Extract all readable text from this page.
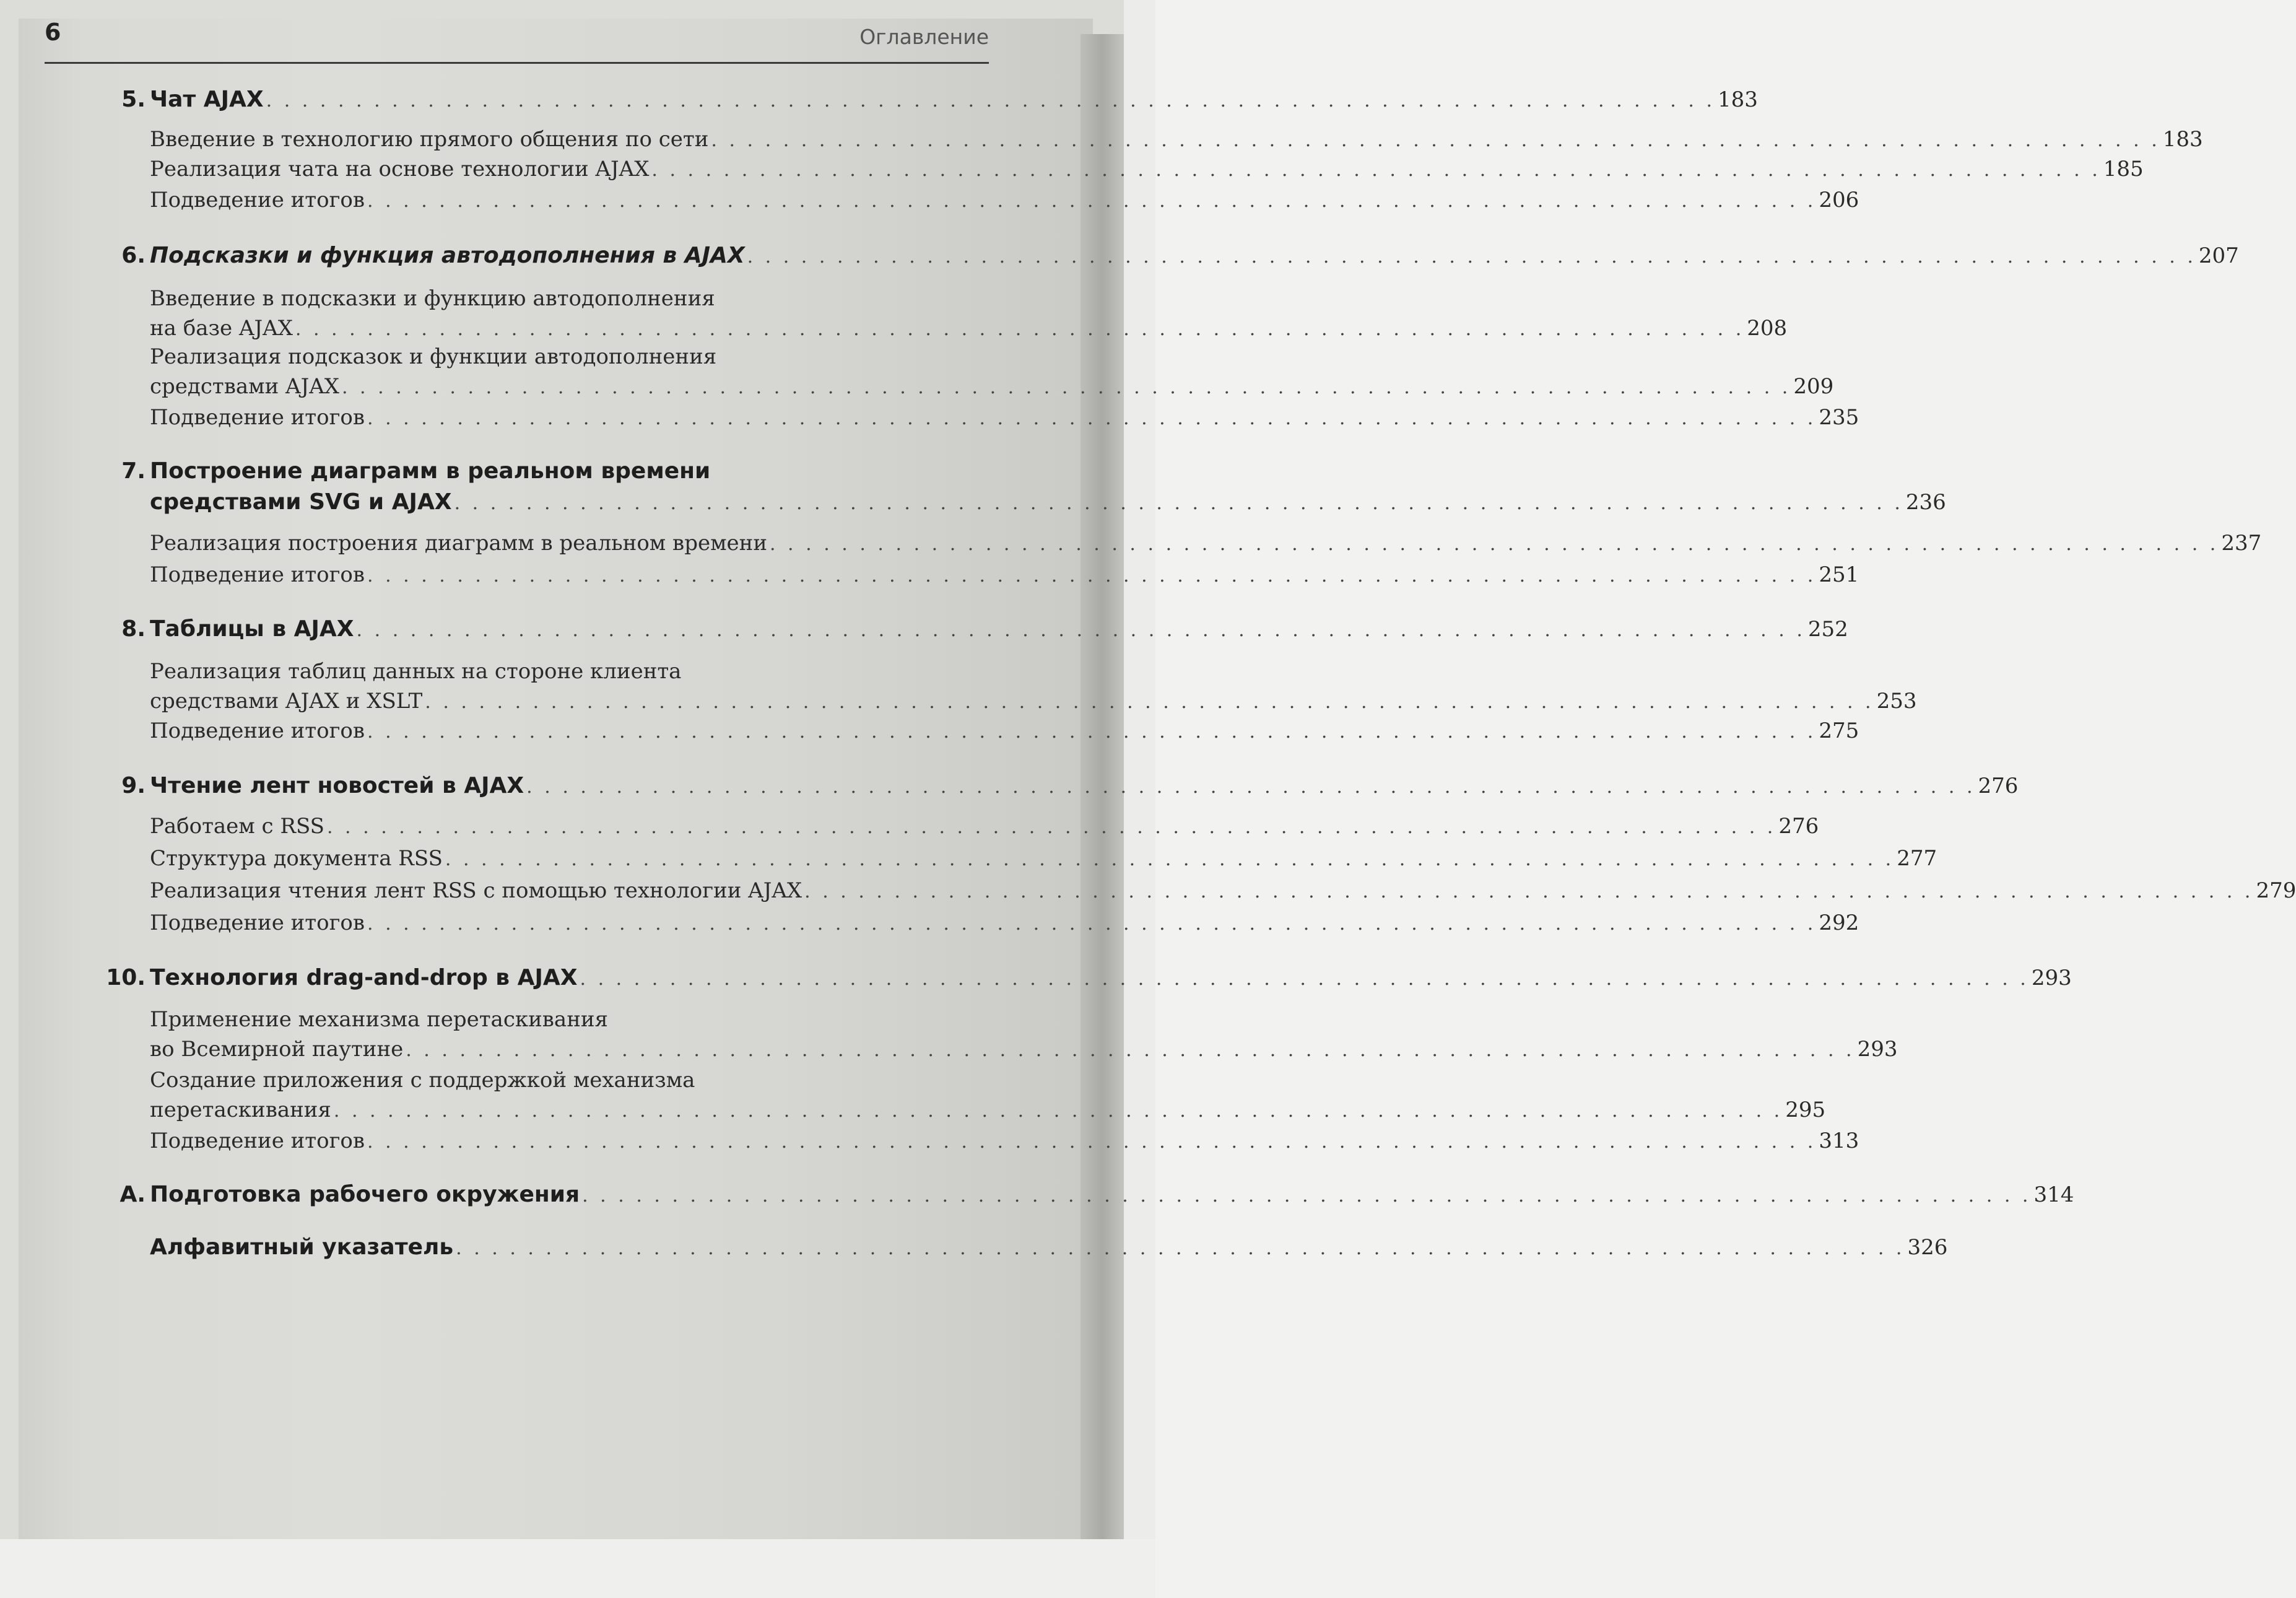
6	Оглавление
5. Чат AJAX . . . . . . . . . . . . . . . . . . . . . . . . . . . . . . . . . . . . . . . . . . . . . . . . . . . . . . . . . . . . . . . . . . . . . . . . . . . . . . . . . 183
Введение в технологию прямого общения по сети . . . . . . . . . . . . . . . . . . . . . . . . . . . . . . . . . . . . . . . . . . . . . . . . . . . . . . . . . . . . . . . . . . . . . . . . . . . . . . . . . 183
Реализация чата на основе технологии AJAX . . . . . . . . . . . . . . . . . . . . . . . . . . . . . . . . . . . . . . . . . . . . . . . . . . . . . . . . . . . . . . . . . . . . . . . . . . . . . . . . . 185
Подведение итогов . . . . . . . . . . . . . . . . . . . . . . . . . . . . . . . . . . . . . . . . . . . . . . . . . . . . . . . . . . . . . . . . . . . . . . . . . . . . . . . . . 206
6. Подсказки и функция автодополнения в AJAX . . . . . . . . . . . . . . . . . . . . . . . . . . . . . . . . . . . . . . . . . . . . . . . . . . . . . . . . . . . . . . . . . . . . . . . . . . . . . . . . . 207
Введение в подсказки и функцию автодополнения
на базе AJAX . . . . . . . . . . . . . . . . . . . . . . . . . . . . . . . . . . . . . . . . . . . . . . . . . . . . . . . . . . . . . . . . . . . . . . . . . . . . . . . . . 208
Реализация подсказок и функции автодополнения
средствами AJAX . . . . . . . . . . . . . . . . . . . . . . . . . . . . . . . . . . . . . . . . . . . . . . . . . . . . . . . . . . . . . . . . . . . . . . . . . . . . . . . . . 209
Подведение итогов . . . . . . . . . . . . . . . . . . . . . . . . . . . . . . . . . . . . . . . . . . . . . . . . . . . . . . . . . . . . . . . . . . . . . . . . . . . . . . . . . 235
7. Построение диаграмм в реальном времени
средствами SVG и AJAX . . . . . . . . . . . . . . . . . . . . . . . . . . . . . . . . . . . . . . . . . . . . . . . . . . . . . . . . . . . . . . . . . . . . . . . . . . . . . . . . . 236
Реализация построения диаграмм в реальном времени . . . . . . . . . . . . . . . . . . . . . . . . . . . . . . . . . . . . . . . . . . . . . . . . . . . . . . . . . . . . . . . . . . . . . . . . . . . . . . . . . 237
Подведение итогов . . . . . . . . . . . . . . . . . . . . . . . . . . . . . . . . . . . . . . . . . . . . . . . . . . . . . . . . . . . . . . . . . . . . . . . . . . . . . . . . . 251
8. Таблицы в AJAX . . . . . . . . . . . . . . . . . . . . . . . . . . . . . . . . . . . . . . . . . . . . . . . . . . . . . . . . . . . . . . . . . . . . . . . . . . . . . . . . . 252
Реализация таблиц данных на стороне клиента
средствами AJAX и XSLT . . . . . . . . . . . . . . . . . . . . . . . . . . . . . . . . . . . . . . . . . . . . . . . . . . . . . . . . . . . . . . . . . . . . . . . . . . . . . . . . . 253
Подведение итогов . . . . . . . . . . . . . . . . . . . . . . . . . . . . . . . . . . . . . . . . . . . . . . . . . . . . . . . . . . . . . . . . . . . . . . . . . . . . . . . . . 275
9. Чтение лент новостей в AJAX . . . . . . . . . . . . . . . . . . . . . . . . . . . . . . . . . . . . . . . . . . . . . . . . . . . . . . . . . . . . . . . . . . . . . . . . . . . . . . . . . 276
Работаем с RSS . . . . . . . . . . . . . . . . . . . . . . . . . . . . . . . . . . . . . . . . . . . . . . . . . . . . . . . . . . . . . . . . . . . . . . . . . . . . . . . . . 276
Структура документа RSS . . . . . . . . . . . . . . . . . . . . . . . . . . . . . . . . . . . . . . . . . . . . . . . . . . . . . . . . . . . . . . . . . . . . . . . . . . . . . . . . . 277
Реализация чтения лент RSS с помощью технологии AJAX . . . . . . . . . . . . . . . . . . . . . . . . . . . . . . . . . . . . . . . . . . . . . . . . . . . . . . . . . . . . . . . . . . . . . . . . . . . . . . . . . 279
Подведение итогов . . . . . . . . . . . . . . . . . . . . . . . . . . . . . . . . . . . . . . . . . . . . . . . . . . . . . . . . . . . . . . . . . . . . . . . . . . . . . . . . . 292
10. Технология drag-and-drop в AJAX . . . . . . . . . . . . . . . . . . . . . . . . . . . . . . . . . . . . . . . . . . . . . . . . . . . . . . . . . . . . . . . . . . . . . . . . . . . . . . . . . 293
Применение механизма перетаскивания
во Всемирной паутине . . . . . . . . . . . . . . . . . . . . . . . . . . . . . . . . . . . . . . . . . . . . . . . . . . . . . . . . . . . . . . . . . . . . . . . . . . . . . . . . . 293
Создание приложения с поддержкой механизма
перетаскивания . . . . . . . . . . . . . . . . . . . . . . . . . . . . . . . . . . . . . . . . . . . . . . . . . . . . . . . . . . . . . . . . . . . . . . . . . . . . . . . . . 295
Подведение итогов . . . . . . . . . . . . . . . . . . . . . . . . . . . . . . . . . . . . . . . . . . . . . . . . . . . . . . . . . . . . . . . . . . . . . . . . . . . . . . . . . 313
А. Подготовка рабочего окружения . . . . . . . . . . . . . . . . . . . . . . . . . . . . . . . . . . . . . . . . . . . . . . . . . . . . . . . . . . . . . . . . . . . . . . . . . . . . . . . . . 314
Алфавитный указатель . . . . . . . . . . . . . . . . . . . . . . . . . . . . . . . . . . . . . . . . . . . . . . . . . . . . . . . . . . . . . . . . . . . . . . . . . . . . . . . . . 326
